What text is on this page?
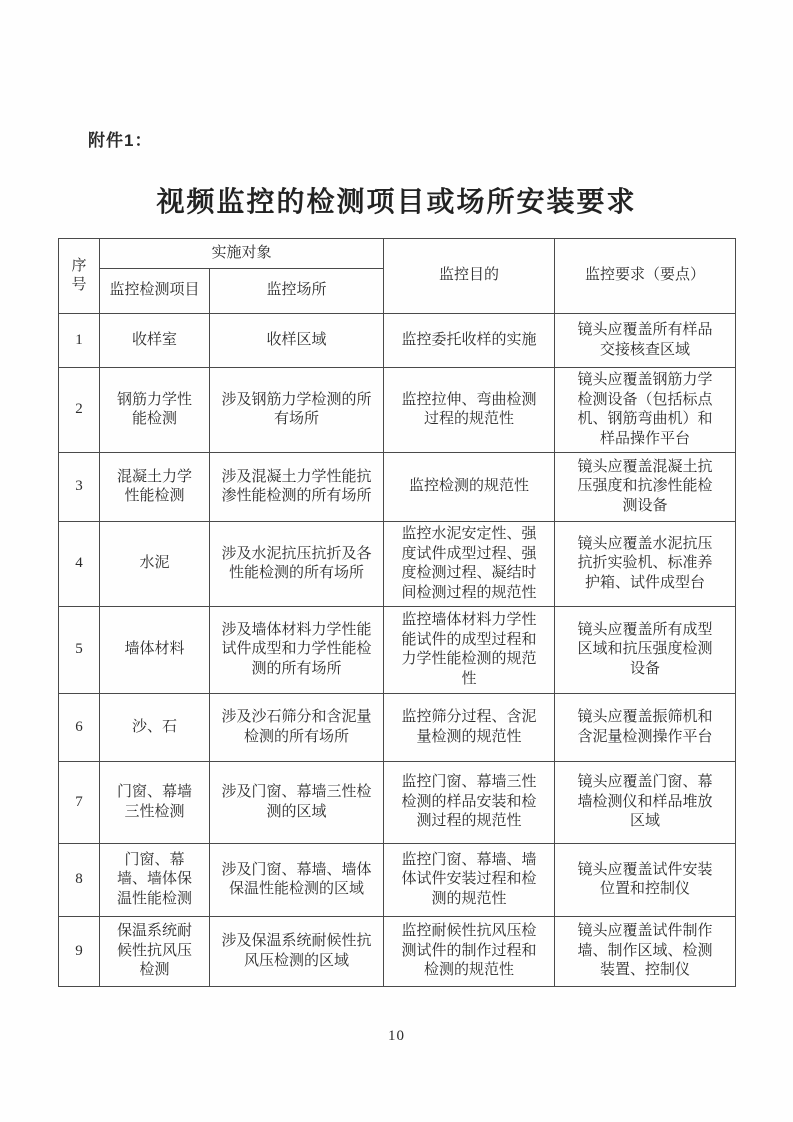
附件1：
视频监控的检测项目或场所安装要求
序号	实施对象		监控目的	监控要求（要点）
	监控检测项目	监控场所		
1	收样室	收样区域	监控委托收样的实施	镜头应覆盖所有样品交接核查区域
2	钢筋力学性能检测	涉及钢筋力学检测的所有场所	监控拉伸、弯曲检测过程的规范性	镜头应覆盖钢筋力学检测设备（包括标点机、钢筋弯曲机）和样品操作平台
3	混凝土力学性能检测	涉及混凝土力学性能抗渗性能检测的所有场所	监控检测的规范性	镜头应覆盖混凝土抗压强度和抗渗性能检测设备
4	水泥	涉及水泥抗压抗折及各性能检测的所有场所	监控水泥安定性、强度试件成型过程、强度检测过程、凝结时间检测过程的规范性	镜头应覆盖水泥抗压抗折实验机、标准养护箱、试件成型台
5	墙体材料	涉及墙体材料力学性能试件成型和力学性能检测的所有场所	监控墙体材料力学性能试件的成型过程和力学性能检测的规范性	镜头应覆盖所有成型区域和抗压强度检测设备
6	沙、石	涉及沙石筛分和含泥量检测的所有场所	监控筛分过程、含泥量检测的规范性	镜头应覆盖振筛机和含泥量检测操作平台
7	门窗、幕墙三性检测	涉及门窗、幕墙三性检测的区域	监控门窗、幕墙三性检测的样品安装和检测过程的规范性	镜头应覆盖门窗、幕墙检测仪和样品堆放区域
8	门窗、幕墙、墙体保温性能检测	涉及门窗、幕墙、墙体保温性能检测的区域	监控门窗、幕墙、墙体试件安装过程和检测的规范性	镜头应覆盖试件安装位置和控制仪
9	保温系统耐候性抗风压检测	涉及保温系统耐候性抗风压检测的区域	监控耐候性抗风压检测试件的制作过程和检测的规范性	镜头应覆盖试件制作墙、制作区域、检测装置、控制仪
10
